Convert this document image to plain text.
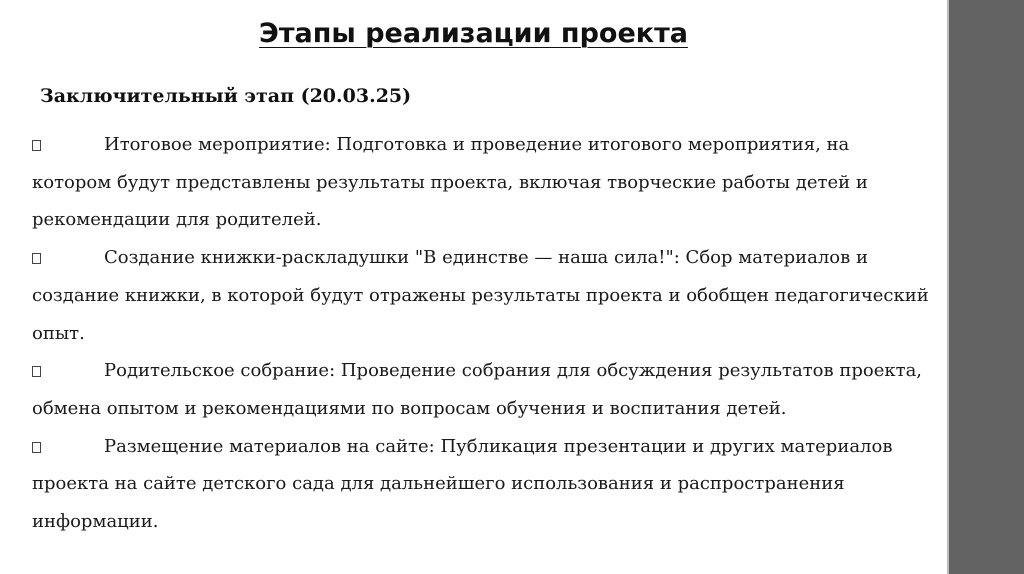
Этапы реализации проекта
Заключительный этап (20.03.25)

Итоговое мероприятие: Подготовка и проведение итогового мероприятия, на котором будут представлены результаты проекта, включая творческие работы детей и рекомендации для родителей.

Создание книжки-раскладушки "В единстве — наша сила!": Сбор материалов и создание книжки, в которой будут отражены результаты проекта и обобщен педагогический опыт.

Родительское собрание: Проведение собрания для обсуждения результатов проекта, обмена опытом и рекомендациями по вопросам обучения и воспитания детей.

Размещение материалов на сайте: Публикация презентации и других материалов проекта на сайте детского сада для дальнейшего использования и распространения информации.
